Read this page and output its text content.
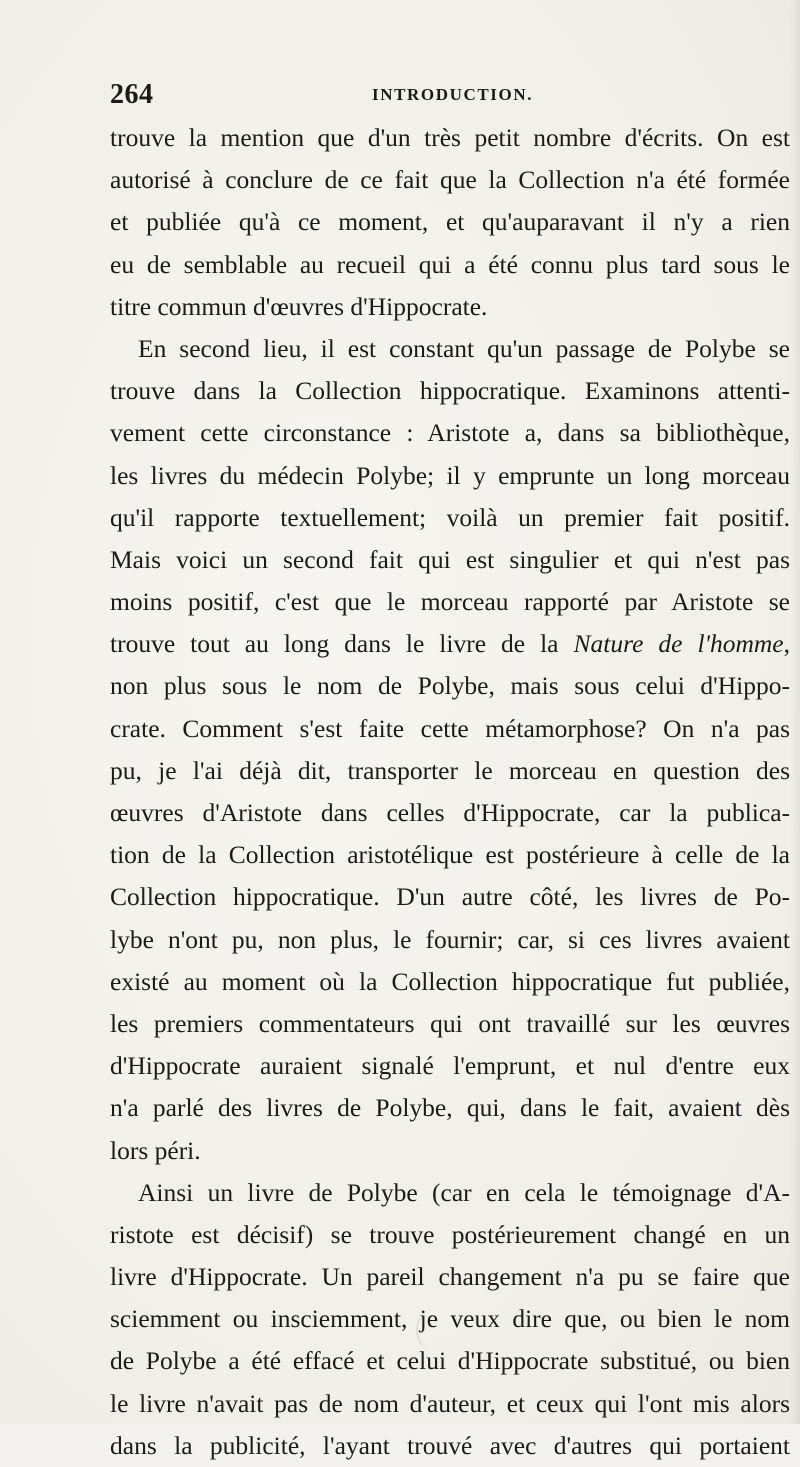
264	INTRODUCTION.
trouve la mention que d'un très petit nombre d'écrits. On est
autorisé à conclure de ce fait que la Collection n'a été formée
et publiée qu'à ce moment, et qu'auparavant il n'y a rien
eu de semblable au recueil qui a été connu plus tard sous le
titre commun d'œuvres d'Hippocrate.
En second lieu, il est constant qu'un passage de Polybe se
trouve dans la Collection hippocratique. Examinons attenti-
vement cette circonstance : Aristote a, dans sa bibliothèque,
les livres du médecin Polybe; il y emprunte un long morceau
qu'il rapporte textuellement; voilà un premier fait positif.
Mais voici un second fait qui est singulier et qui n'est pas
moins positif, c'est que le morceau rapporté par Aristote se
trouve tout au long dans le livre de la Nature de l'homme,
non plus sous le nom de Polybe, mais sous celui d'Hippo-
crate. Comment s'est faite cette métamorphose? On n'a pas
pu, je l'ai déjà dit, transporter le morceau en question des
œuvres d'Aristote dans celles d'Hippocrate, car la publica-
tion de la Collection aristotélique est postérieure à celle de la
Collection hippocratique. D'un autre côté, les livres de Po-
lybe n'ont pu, non plus, le fournir; car, si ces livres avaient
existé au moment où la Collection hippocratique fut publiée,
les premiers commentateurs qui ont travaillé sur les œuvres
d'Hippocrate auraient signalé l'emprunt, et nul d'entre eux
n'a parlé des livres de Polybe, qui, dans le fait, avaient dès
lors péri.
Ainsi un livre de Polybe (car en cela le témoignage d'A-
ristote est décisif) se trouve postérieurement changé en un
livre d'Hippocrate. Un pareil changement n'a pu se faire que
sciemment ou insciemment, je veux dire que, ou bien le nom
de Polybe a été effacé et celui d'Hippocrate substitué, ou bien
le livre n'avait pas de nom d'auteur, et ceux qui l'ont mis alors
dans la publicité, l'ayant trouvé avec d'autres qui portaient
